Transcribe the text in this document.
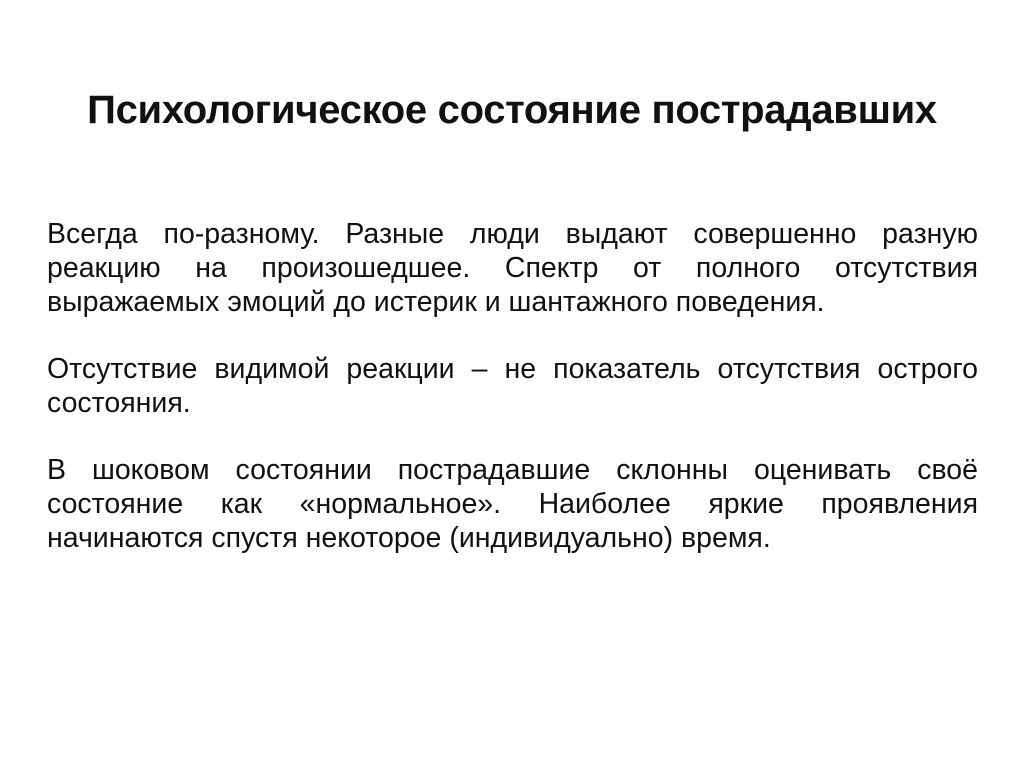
Психологическое состояние пострадавших

Всегда по-разному. Разные люди выдают совершенно разную реакцию на произошедшее. Спектр от полного отсутствия выражаемых эмоций до истерик и шантажного поведения.

Отсутствие видимой реакции – не показатель отсутствия острого состояния.

В шоковом состоянии пострадавшие склонны оценивать своё состояние как «нормальное». Наиболее яркие проявления начинаются спустя некоторое (индивидуально) время.
